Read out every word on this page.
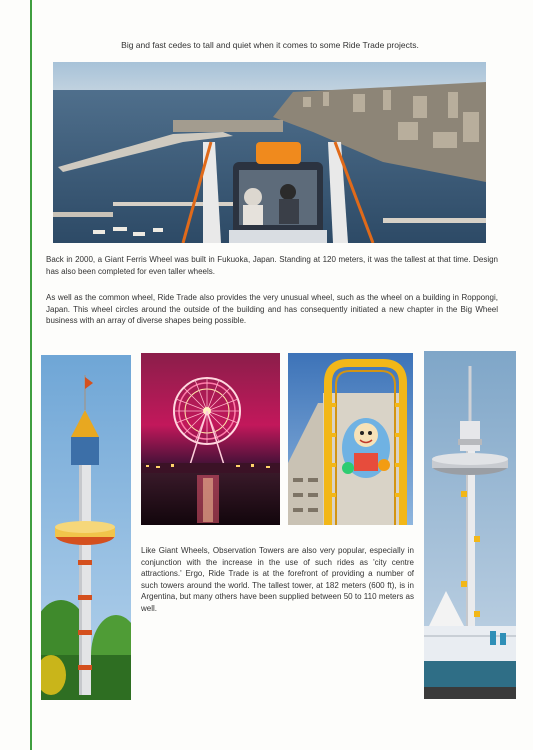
Big and fast cedes to tall and quiet when it comes to some Ride Trade projects.
Back in 2000, a Giant Ferris Wheel was built in Fukuoka, Japan. Standing at 120 meters, it was the tallest at that time. Design has also been completed for even taller wheels.
As well as the common wheel, Ride Trade also provides the very unusual wheel, such as the wheel on a building in Roppongi, Japan. This wheel circles around the outside of the building and has consequently initiated a new chapter in the Big Wheel business with an array of diverse shapes being possible.
Like Giant Wheels, Observation Towers are also very popular, especially in conjunction with the increase in the use of such rides as 'city centre attractions.' Ergo, Ride Trade is at the forefront of providing a number of such towers around the world. The tallest tower, at 182 meters (600 ft), is in Argentina, but many others have been supplied between 50 to 110 meters as well.
